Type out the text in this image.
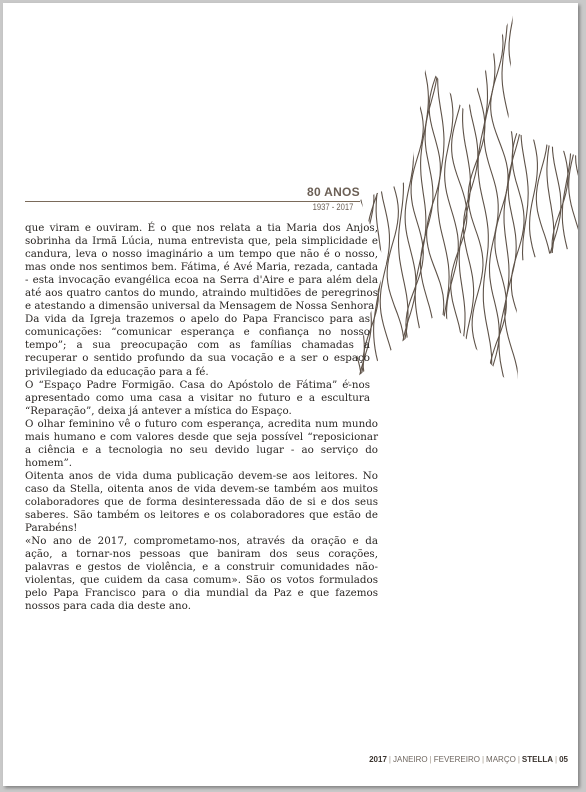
80 ANOS
1937 - 2017

que viram e ouviram. É o que nos relata a tia Maria dos Anjos, sobrinha da Irmã Lúcia, numa entrevista que, pela simplicidade e candura, leva o nosso imaginário a um tempo que não é o nosso, mas onde nos sentimos bem. Fátima, é Avé Maria, rezada, cantada - esta invocação evangélica ecoa na Serra d'Aire e para além dela até aos quatro cantos do mundo, atraindo multidões de peregrinos e atestando a dimensão universal da Mensagem de Nossa Senhora

Da vida da Igreja trazemos o apelo do Papa Francisco para as comunicações: “comunicar esperança e confiança no nosso tempo”; a sua preocupação com as famílias chamadas a recuperar o sentido profundo da sua vocação e a ser o espaço privilegiado da educação para a fé.

O “Espaço Padre Formigão. Casa do Apóstolo de Fátima” é-nos apresentado como uma casa a visitar no futuro e a escultura “Reparação”, deixa já antever a mística do Espaço.

O olhar feminino vê o futuro com esperança, acredita num mundo mais humano e com valores desde que seja possível “reposicionar a ciência e a tecnologia no seu devido lugar - ao serviço do homem”.

Oitenta anos de vida duma publicação devem-se aos leitores. No caso da Stella, oitenta anos de vida devem-se também aos muitos colaboradores que de forma desinteressada dão de si e dos seus saberes. São também os leitores e os colaboradores que estão de Parabéns!

«No ano de 2017, comprometamo-nos, através da oração e da ação, a tornar-nos pessoas que baniram dos seus corações, palavras e gestos de violência, e a construir comunidades não-violentas, que cuidem da casa comum». São os votos formulados pelo Papa Francisco para o dia mundial da Paz e que fazemos nossos para cada dia deste ano.

2017 | JANEIRO | FEVEREIRO | MARÇO | STELLA | 05
